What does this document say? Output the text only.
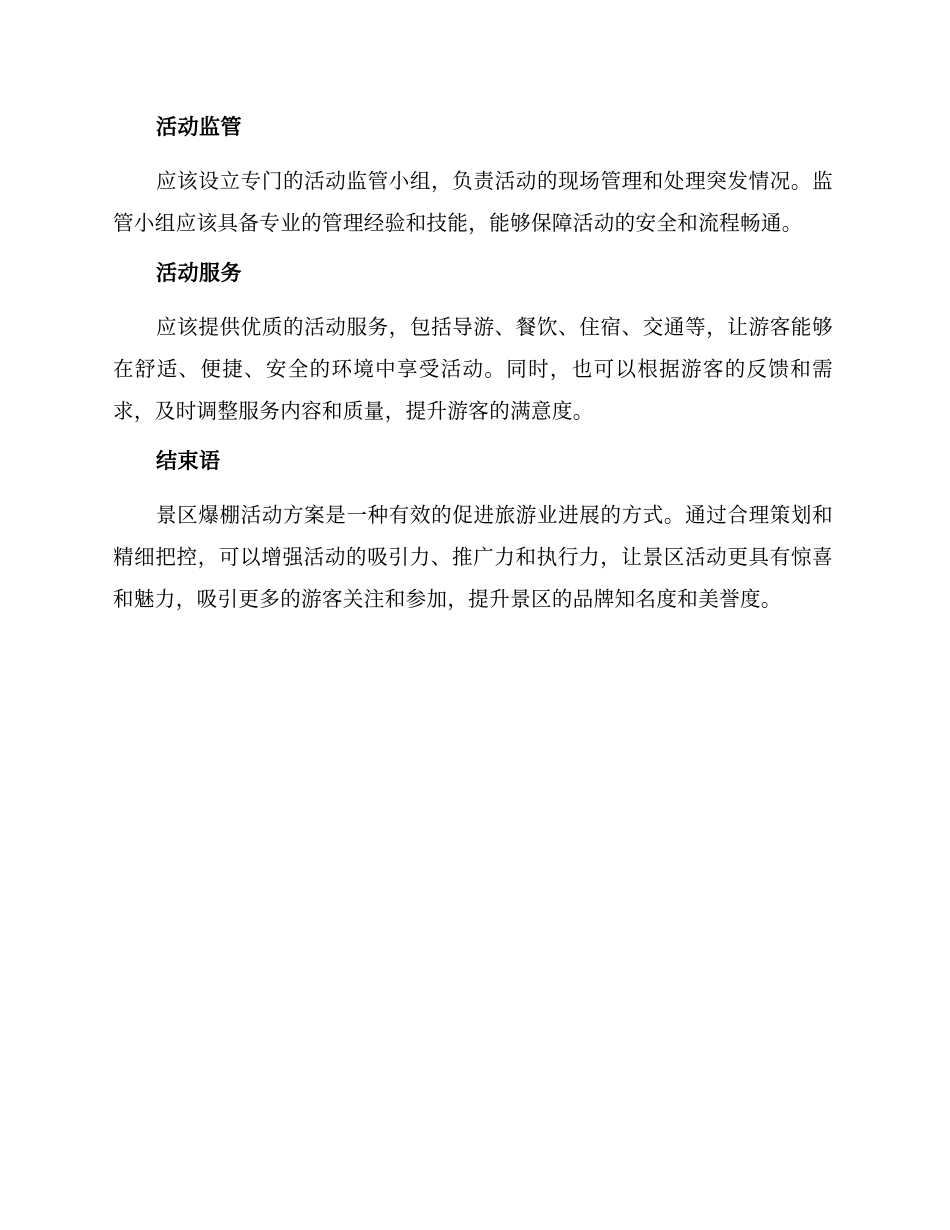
活动监管

应该设立专门的活动监管小组，负责活动的现场管理和处理突发情况。监管小组应该具备专业的管理经验和技能，能够保障活动的安全和流程畅通。

活动服务

应该提供优质的活动服务，包括导游、餐饮、住宿、交通等，让游客能够在舒适、便捷、安全的环境中享受活动。同时，也可以根据游客的反馈和需求，及时调整服务内容和质量，提升游客的满意度。

结束语

景区爆棚活动方案是一种有效的促进旅游业进展的方式。通过合理策划和精细把控，可以增强活动的吸引力、推广力和执行力，让景区活动更具有惊喜和魅力，吸引更多的游客关注和参加，提升景区的品牌知名度和美誉度。
